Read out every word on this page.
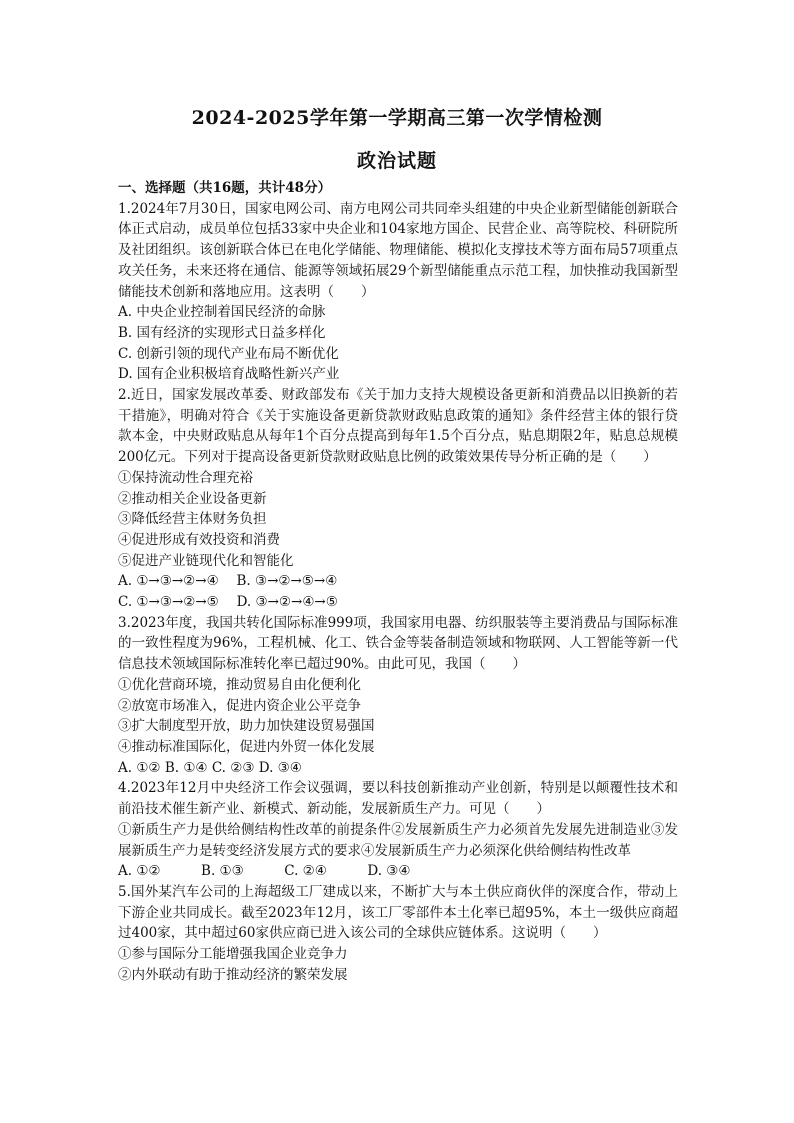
2024-2025学年第一学期高三第一次学情检测
政治试题

一、选择题（共16题，共计48分）

1.2024年7月30日，国家电网公司、南方电网公司共同牵头组建的中央企业新型储能创新联合体正式启动，成员单位包括33家中央企业和104家地方国企、民营企业、高等院校、科研院所及社团组织。该创新联合体已在电化学储能、物理储能、模拟化支撑技术等方面布局57项重点攻关任务，未来还将在通信、能源等领域拓展29个新型储能重点示范工程，加快推动我国新型储能技术创新和落地应用。这表明（　　）

A. 中央企业控制着国民经济的命脉

B. 国有经济的实现形式日益多样化

C. 创新引领的现代产业布局不断优化

D. 国有企业积极培育战略性新兴产业

2.近日，国家发展改革委、财政部发布《关于加力支持大规模设备更新和消费品以旧换新的若干措施》，明确对符合《关于实施设备更新贷款财政贴息政策的通知》条件经营主体的银行贷款本金，中央财政贴息从每年1个百分点提高到每年1.5个百分点，贴息期限2年，贴息总规模200亿元。下列对于提高设备更新贷款财政贴息比例的政策效果传导分析正确的是（　　）

①保持流动性合理充裕

②推动相关企业设备更新

③降低经营主体财务负担

④促进形成有效投资和消费

⑤促进产业链现代化和智能化

A. ①→③→②→④　 B. ③→②→⑤→④

C. ①→③→②→⑤　 D. ③→②→④→⑤

3.2023年度，我国共转化国际标准999项，我国家用电器、纺织服装等主要消费品与国际标准的一致性程度为96%，工程机械、化工、铁合金等装备制造领域和物联网、人工智能等新一代信息技术领域国际标准转化率已超过90%。由此可见，我国（　　）

①优化营商环境，推动贸易自由化便利化

②放宽市场准入，促进内资企业公平竞争

③扩大制度型开放，助力加快建设贸易强国

④推动标准国际化，促进内外贸一体化发展

A. ①② B. ①④ C. ②③ D. ③④

4.2023年12月中央经济工作会议强调，要以科技创新推动产业创新，特别是以颠覆性技术和前沿技术催生新产业、新模式、新动能，发展新质生产力。可见（　　）

①新质生产力是供给侧结构性改革的前提条件②发展新质生产力必须首先发展先进制造业③发展新质生产力是转变经济发展方式的要求④发展新质生产力必须深化供给侧结构性改革

A. ①②　　　B. ①③　　　C. ②④　　　D. ③④

5.国外某汽车公司的上海超级工厂建成以来，不断扩大与本土供应商伙伴的深度合作，带动上下游企业共同成长。截至2023年12月，该工厂零部件本土化率已超95%，本土一级供应商超过400家，其中超过60家供应商已进入该公司的全球供应链体系。这说明（　　）

①参与国际分工能增强我国企业竞争力

②内外联动有助于推动经济的繁荣发展
